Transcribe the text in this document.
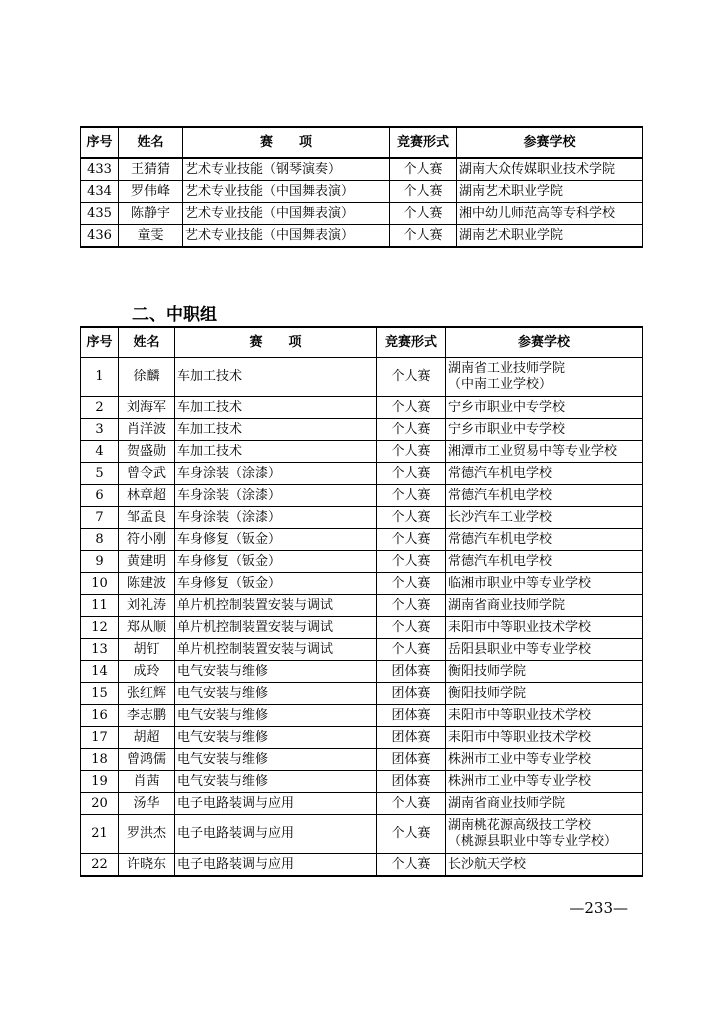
序号	姓名	赛　　项	竞赛形式	参赛学校
433	王猜猜	艺术专业技能（钢琴演奏）	个人赛	湖南大众传媒职业技术学院

434	罗伟峰	艺术专业技能（中国舞表演）	个人赛	湖南艺术职业学院

435	陈静宇	艺术专业技能（中国舞表演）	个人赛	湘中幼儿师范高等专科学校

436	童雯	艺术专业技能（中国舞表演）	个人赛	湖南艺术职业学院
二、中职组
序号	姓名	赛　　项	竞赛形式	参赛学校
1	徐麟	车加工技术	个人赛	湖南省工业技师学院
（中南工业学校）

2	刘海军	车加工技术	个人赛	宁乡市职业中专学校

3	肖洋波	车加工技术	个人赛	宁乡市职业中专学校

4	贺盛勋	车加工技术	个人赛	湘潭市工业贸易中等专业学校

5	曾令武	车身涂装（涂漆）	个人赛	常德汽车机电学校

6	林章超	车身涂装（涂漆）	个人赛	常德汽车机电学校

7	邹孟良	车身涂装（涂漆）	个人赛	长沙汽车工业学校

8	符小刚	车身修复（钣金）	个人赛	常德汽车机电学校

9	黄建明	车身修复（钣金）	个人赛	常德汽车机电学校

10	陈建波	车身修复（钣金）	个人赛	临湘市职业中等专业学校

11	刘礼涛	单片机控制装置安装与调试	个人赛	湖南省商业技师学院

12	郑从顺	单片机控制装置安装与调试	个人赛	耒阳市中等职业技术学校

13	胡钉	单片机控制装置安装与调试	个人赛	岳阳县职业中等专业学校

14	成玲	电气安装与维修	团体赛	衡阳技师学院

15	张红辉	电气安装与维修	团体赛	衡阳技师学院

16	李志鹏	电气安装与维修	团体赛	耒阳市中等职业技术学校

17	胡超	电气安装与维修	团体赛	耒阳市中等职业技术学校

18	曾鸿儒	电气安装与维修	团体赛	株洲市工业中等专业学校

19	肖茜	电气安装与维修	团体赛	株洲市工业中等专业学校

20	汤华	电子电路装调与应用	个人赛	湖南省商业技师学院

21	罗洪杰	电子电路装调与应用	个人赛	湖南桃花源高级技工学校
（桃源县职业中等专业学校）

22	许晓东	电子电路装调与应用	个人赛	长沙航天学校
—233—
